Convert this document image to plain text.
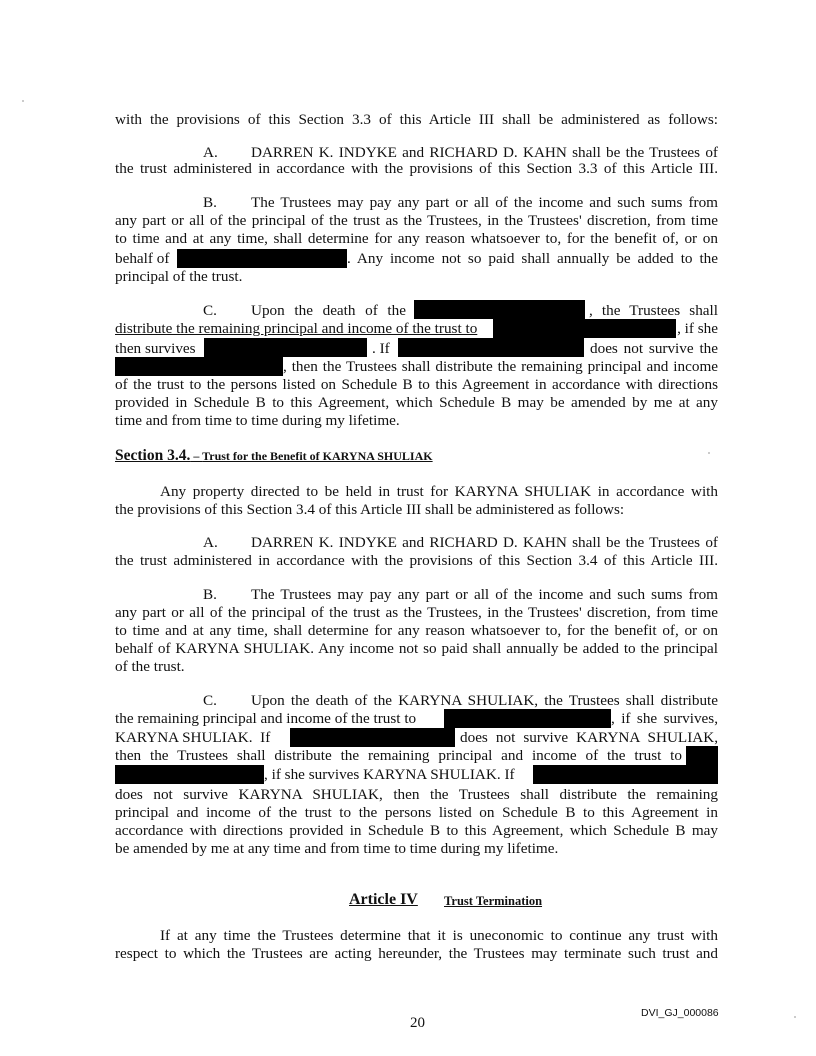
with the provisions of this Section 3.3 of this Article III shall be administered as follows:
A. DARREN K. INDYKE and RICHARD D. KAHN shall be the Trustees of
the trust administered in accordance with the provisions of this Section 3.3 of this Article III.
B. The Trustees may pay any part or all of the income and such sums from
any part or all of the principal of the trust as the Trustees, in the Trustees' discretion, from time
to time and at any time, shall determine for any reason whatsoever to, for the benefit of, or on
behalf of	. Any income not so paid shall annually be added to the
principal of the trust.
C. Upon the death of the	, the Trustees shall
distribute the remaining principal and income of the trust to	, if she
then survives	. If	does not survive the
, then the Trustees shall distribute the remaining principal and income
of the trust to the persons listed on Schedule B to this Agreement in accordance with directions
provided in Schedule B to this Agreement, which Schedule B may be amended by me at any
time and from time to time during my lifetime.
Section 3.4. – Trust for the Benefit of KARYNA SHULIAK
Any property directed to be held in trust for KARYNA SHULIAK in accordance with
the provisions of this Section 3.4 of this Article III shall be administered as follows:
A. DARREN K. INDYKE and RICHARD D. KAHN shall be the Trustees of
the trust administered in accordance with the provisions of this Section 3.4 of this Article III.
B. The Trustees may pay any part or all of the income and such sums from
any part or all of the principal of the trust as the Trustees, in the Trustees' discretion, from time
to time and at any time, shall determine for any reason whatsoever to, for the benefit of, or on
behalf of KARYNA SHULIAK. Any income not so paid shall annually be added to the principal
of the trust.
C. Upon the death of the KARYNA SHULIAK, the Trustees shall distribute
the remaining principal and income of the trust to	, if she survives,
KARYNA SHULIAK.  If	does not survive KARYNA SHULIAK,
then the Trustees shall distribute the remaining principal and income of the trust to
, if she survives KARYNA SHULIAK. If
does not survive KARYNA SHULIAK, then the Trustees shall distribute the remaining
principal and income of the trust to the persons listed on Schedule B to this Agreement in
accordance with directions provided in Schedule B to this Agreement, which Schedule B may
be amended by me at any time and from time to time during my lifetime.
Article IV Trust Termination
If at any time the Trustees determine that it is uneconomic to continue any trust with
respect to which the Trustees are acting hereunder, the Trustees may terminate such trust and
DVI_GJ_000086
20
